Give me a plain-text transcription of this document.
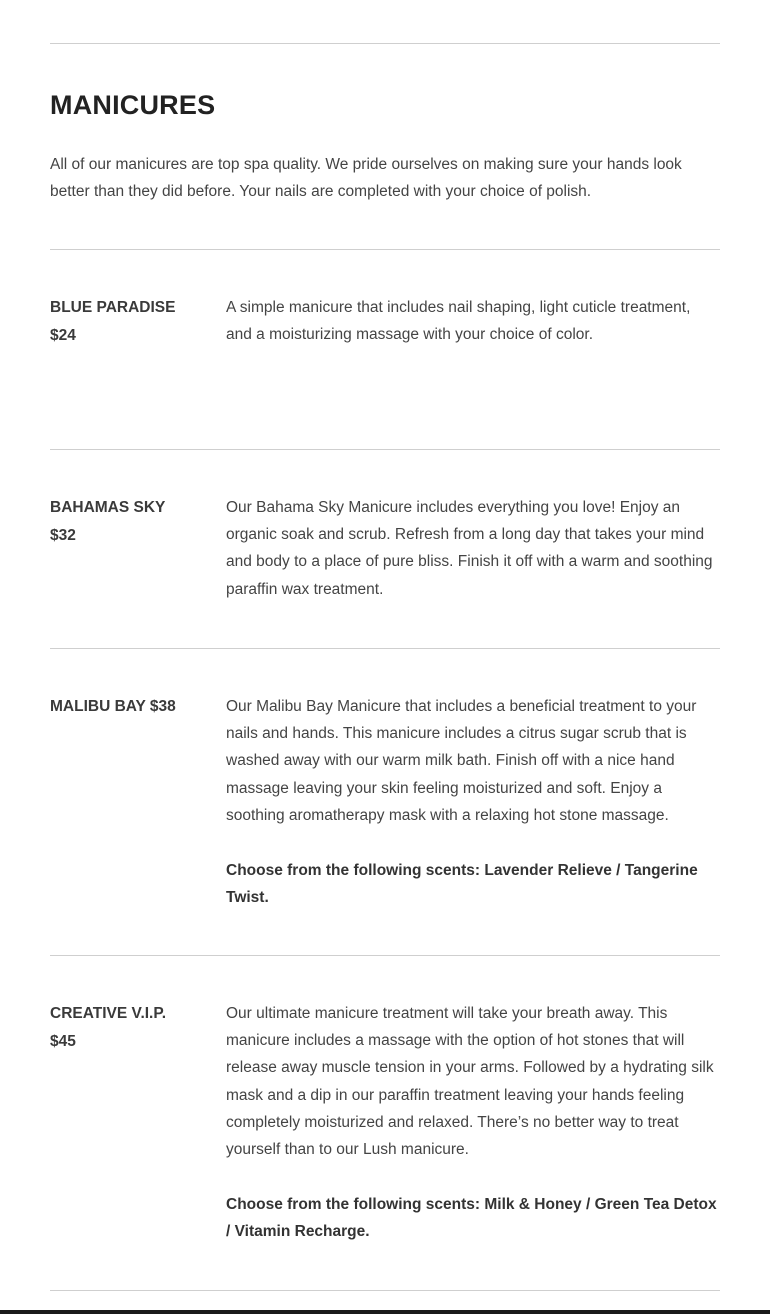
MANICURES

All of our manicures are top spa quality. We pride ourselves on making sure your hands look better than they did before. Your nails are completed with your choice of polish.

BLUE PARADISE
$24

A simple manicure that includes nail shaping, light cuticle treatment, and a moisturizing massage with your choice of color.

BAHAMAS SKY
$32

Our Bahama Sky Manicure includes everything you love! Enjoy an organic soak and scrub. Refresh from a long day that takes your mind and body to a place of pure bliss. Finish it off with a warm and soothing paraffin wax treatment.

MALIBU BAY $38	Our Malibu Bay Manicure that includes a beneficial treatment to your nails and hands. This manicure includes a citrus sugar scrub that is washed away with our warm milk bath. Finish off with a nice hand massage leaving your skin feeling moisturized and soft. Enjoy a soothing aromatherapy mask with a relaxing hot stone massage.

Choose from the following scents: Lavender Relieve / Tangerine Twist.

CREATIVE V.I.P.
$45

Our ultimate manicure treatment will take your breath away. This manicure includes a massage with the option of hot stones that will release away muscle tension in your arms. Followed by a hydrating silk mask and a dip in our paraffin treatment leaving your hands feeling completely moisturized and relaxed. There’s no better way to treat yourself than to our Lush manicure.

Choose from the following scents: Milk & Honey / Green Tea Detox / Vitamin Recharge.
